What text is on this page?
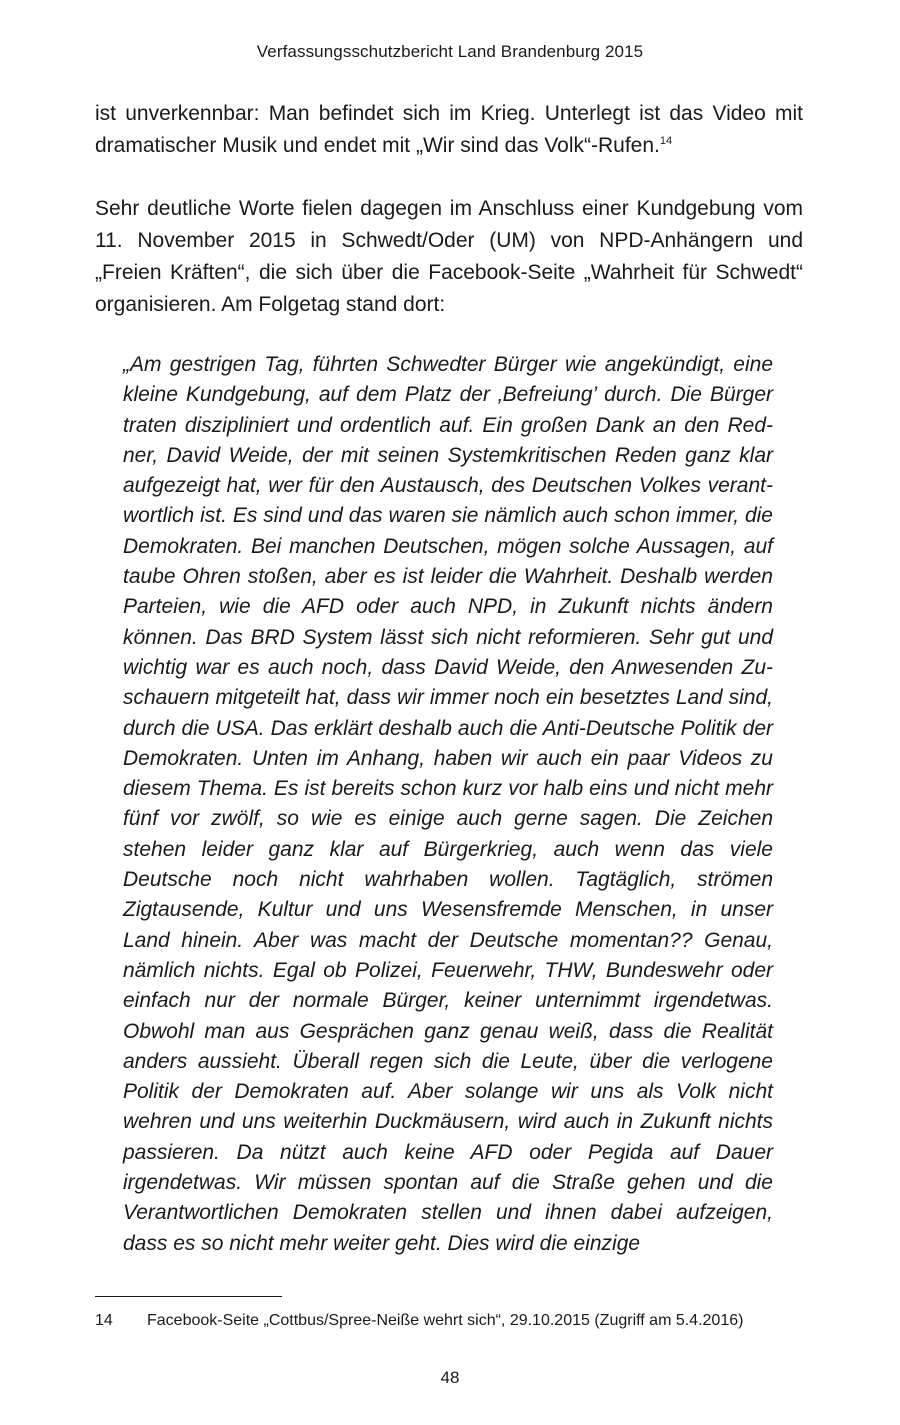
Verfassungsschutzbericht Land Brandenburg 2015

ist unverkennbar: Man befindet sich im Krieg. Unterlegt ist das Video mit dramatischer Musik und endet mit „Wir sind das Volk“-Rufen.$^{14}$

Sehr deutliche Worte fielen dagegen im Anschluss einer Kundgebung vom 11. November 2015 in Schwedt/Oder (UM) von NPD-Anhängern und „Freien Kräften“, die sich über die Facebook-Seite „Wahrheit für Schwedt“ organisieren. Am Folgetag stand dort:

„Am gestrigen Tag, führten Schwedter Bürger wie angekündigt, eine kleine Kundgebung, auf dem Platz der ‚Befreiung’ durch. Die Bürger traten diszipliniert und ordentlich auf. Ein großen Dank an den Redner, David Weide, der mit seinen Systemkritischen Reden ganz klar aufgezeigt hat, wer für den Austausch, des Deutschen Volkes verantwortlich ist. Es sind und das waren sie nämlich auch schon immer, die Demokraten. Bei manchen Deutschen, mögen solche Aussagen, auf taube Ohren stoßen, aber es ist leider die Wahrheit. Deshalb werden Parteien, wie die AFD oder auch NPD, in Zukunft nichts ändern können. Das BRD System lässt sich nicht reformieren. Sehr gut und wichtig war es auch noch, dass David Weide, den Anwesenden Zuschauern mitgeteilt hat, dass wir immer noch ein besetztes Land sind, durch die USA. Das erklärt deshalb auch die Anti-Deutsche Politik der Demokraten. Unten im Anhang, haben wir auch ein paar Videos zu diesem Thema. Es ist bereits schon kurz vor halb eins und nicht mehr fünf vor zwölf, so wie es einige auch gerne sagen. Die Zeichen stehen leider ganz klar auf Bürgerkrieg, auch wenn das viele Deutsche noch nicht wahrhaben wollen. Tagtäglich, strömen Zigtausende, Kultur und uns Wesensfremde Menschen, in unser Land hinein. Aber was macht der Deutsche momentan?? Genau, nämlich nichts. Egal ob Polizei, Feuerwehr, THW, Bundeswehr oder einfach nur der normale Bürger, keiner unternimmt irgendetwas. Obwohl man aus Gesprächen ganz genau weiß, dass die Realität anders aussieht. Überall regen sich die Leute, über die verlogene Politik der Demokraten auf. Aber solange wir uns als Volk nicht wehren und uns weiterhin Duckmäusern, wird auch in Zukunft nichts passieren. Da nützt auch keine AFD oder Pegida auf Dauer irgendetwas. Wir müssen spontan auf die Straße gehen und die Verantwortlichen Demokraten stellen und ihnen dabei aufzeigen, dass es so nicht mehr weiter geht. Dies wird die einzige

14 Facebook-Seite „Cottbus/Spree-Neiße wehrt sich“, 29.10.2015 (Zugriff am 5.4.2016)
48
